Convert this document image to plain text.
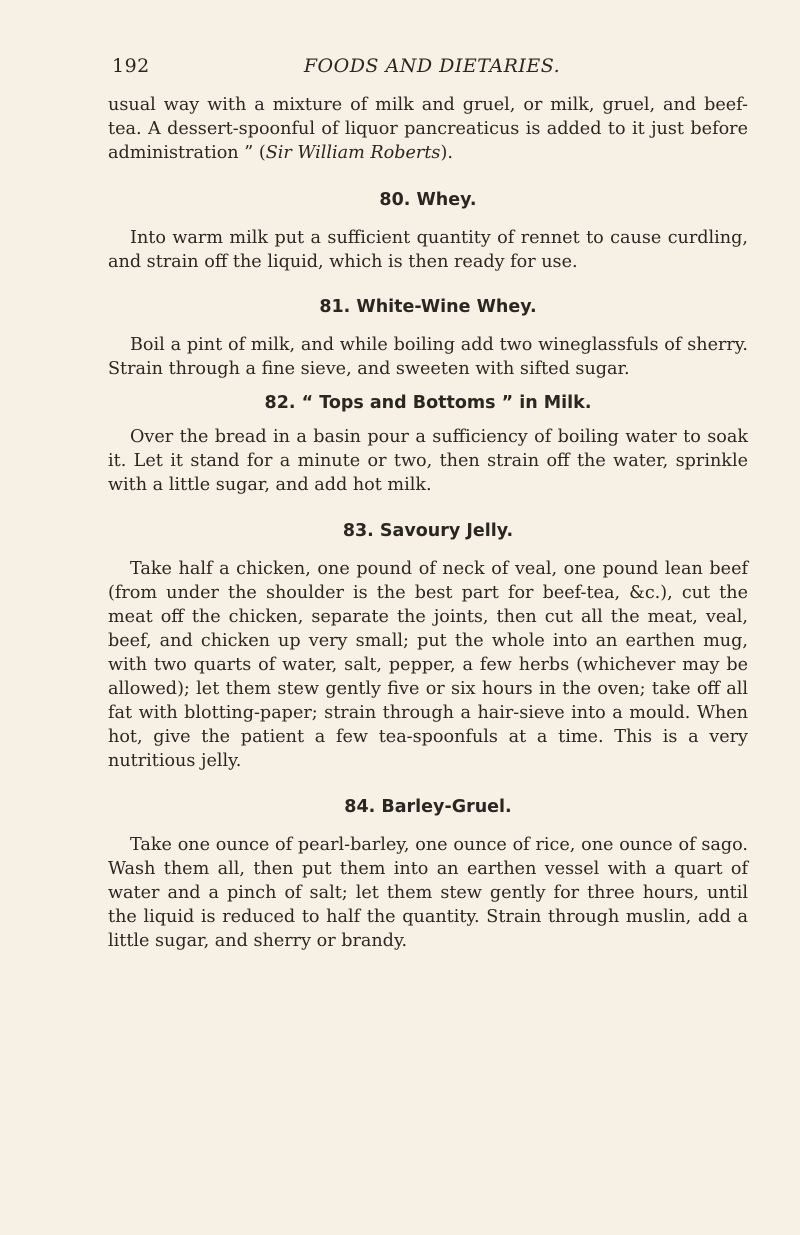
192	FOODS AND DIETARIES.

usual way with a mixture of milk and gruel, or milk, gruel, and beef-tea. A dessert-spoonful of liquor pancreaticus is added to it just before administration ” (Sir William Roberts).

80. Whey.

Into warm milk put a sufficient quantity of rennet to cause curdling, and strain off the liquid, which is then ready for use.

81. White-Wine Whey.

Boil a pint of milk, and while boiling add two wineglassfuls of sherry. Strain through a fine sieve, and sweeten with sifted sugar.

82. “ Tops and Bottoms ” in Milk.

Over the bread in a basin pour a sufficiency of boiling water to soak it. Let it stand for a minute or two, then strain off the water, sprinkle with a little sugar, and add hot milk.

83. Savoury Jelly.

Take half a chicken, one pound of neck of veal, one pound lean beef (from under the shoulder is the best part for beef-tea, &c.), cut the meat off the chicken, separate the joints, then cut all the meat, veal, beef, and chicken up very small; put the whole into an earthen mug, with two quarts of water, salt, pepper, a few herbs (whichever may be allowed); let them stew gently five or six hours in the oven; take off all fat with blotting-paper; strain through a hair-sieve into a mould. When hot, give the patient a few tea-spoonfuls at a time. This is a very nutritious jelly.

84. Barley-Gruel.

Take one ounce of pearl-barley, one ounce of rice, one ounce of sago. Wash them all, then put them into an earthen vessel with a quart of water and a pinch of salt; let them stew gently for three hours, until the liquid is reduced to half the quantity. Strain through muslin, add a little sugar, and sherry or brandy.
